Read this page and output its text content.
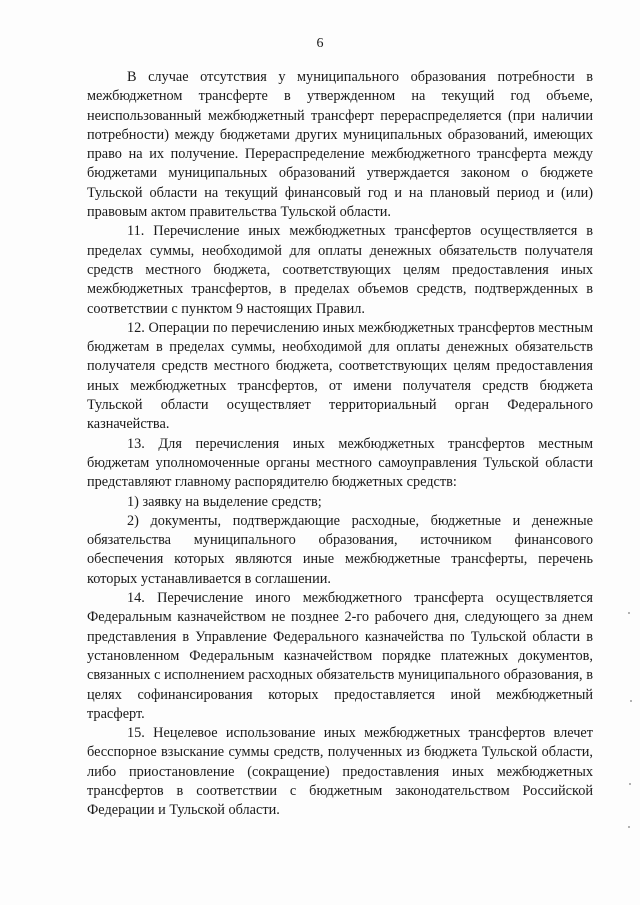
6

В случае отсутствия у муниципального образования потребности в межбюджетном трансферте в утвержденном на текущий год объеме, неиспользованный межбюджетный трансферт перераспределяется (при наличии потребности) между бюджетами других муниципальных образований, имеющих право на их получение. Перераспределение межбюджетного трансферта между бюджетами муниципальных образований утверждается законом о бюджете Тульской области на текущий финансовый год и на плановый период и (или) правовым актом правительства Тульской области.

11. Перечисление иных межбюджетных трансфертов осуществляется в пределах суммы, необходимой для оплаты денежных обязательств получателя средств местного бюджета, соответствующих целям предоставления иных межбюджетных трансфертов, в пределах объемов средств, подтвержденных в соответствии с пунктом 9 настоящих Правил.

12. Операции по перечислению иных межбюджетных трансфертов местным бюджетам в пределах суммы, необходимой для оплаты денежных обязательств получателя средств местного бюджета, соответствующих целям предоставления иных межбюджетных трансфертов, от имени получателя средств бюджета Тульской области осуществляет территориальный орган Федерального казначейства.

13. Для перечисления иных межбюджетных трансфертов местным бюджетам уполномоченные органы местного самоуправления Тульской области представляют главному распорядителю бюджетных средств:

1) заявку на выделение средств;

2) документы, подтверждающие расходные, бюджетные и денежные обязательства муниципального образования, источником финансового обеспечения которых являются иные межбюджетные трансферты, перечень которых устанавливается в соглашении.

14. Перечисление иного межбюджетного трансферта осуществляется Федеральным казначейством не позднее 2-го рабочего дня, следующего за днем представления в Управление Федерального казначейства по Тульской области в установленном Федеральным казначейством порядке платежных документов, связанных с исполнением расходных обязательств муниципального образования, в целях софинансирования которых предоставляется иной межбюджетный трасферт.

15. Нецелевое использование иных межбюджетных трансфертов влечет бесспорное взыскание суммы средств, полученных из бюджета Тульской области, либо приостановление (сокращение) предоставления иных межбюджетных трансфертов в соответствии с бюджетным законодательством Российской Федерации и Тульской области.
